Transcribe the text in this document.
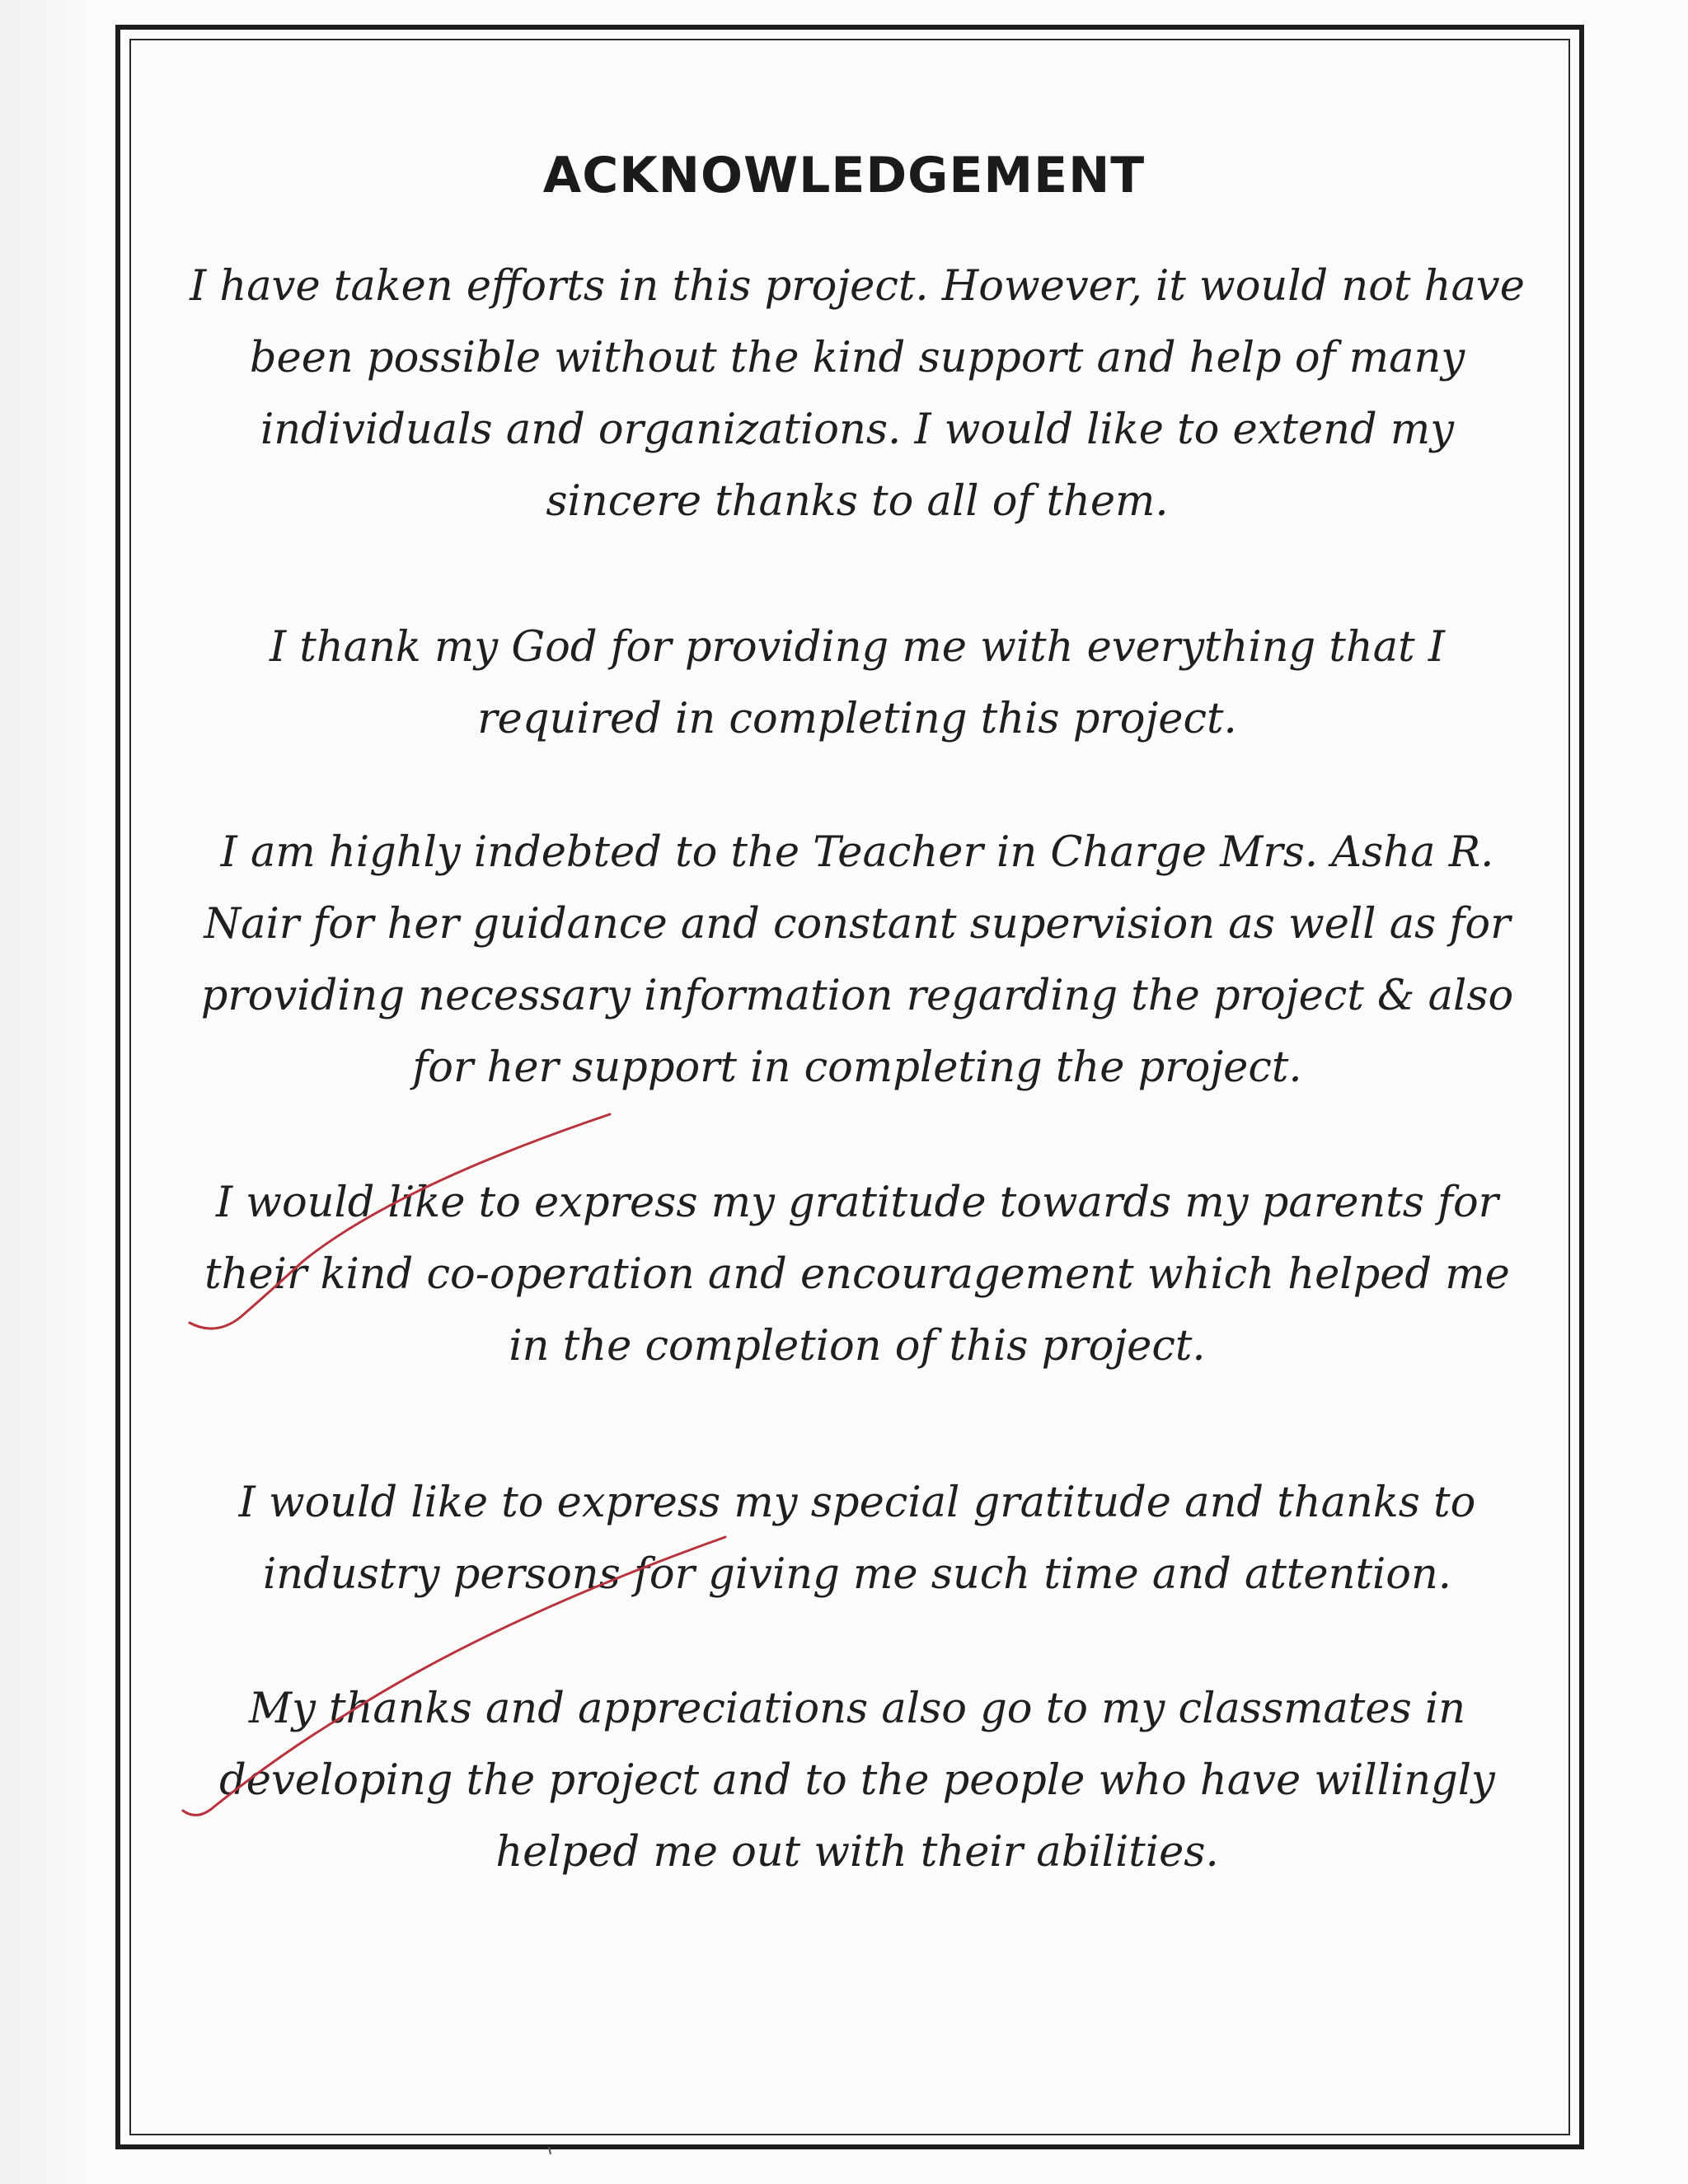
ACKNOWLEDGEMENT

I have taken efforts in this project. However, it would not have been possible without the kind support and help of many individuals and organizations. I would like to extend my sincere thanks to all of them.

I thank my God for providing me with everything that I required in completing this project.

I am highly indebted to the Teacher in Charge Mrs. Asha R. Nair for her guidance and constant supervision as well as for providing necessary information regarding the project & also for her support in completing the project.

I would like to express my gratitude towards my parents for their kind co-operation and encouragement which helped me in the completion of this project.

I would like to express my special gratitude and thanks to industry persons for giving me such time and attention.

My thanks and appreciations also go to my classmates in developing the project and to the people who have willingly helped me out with their abilities.
